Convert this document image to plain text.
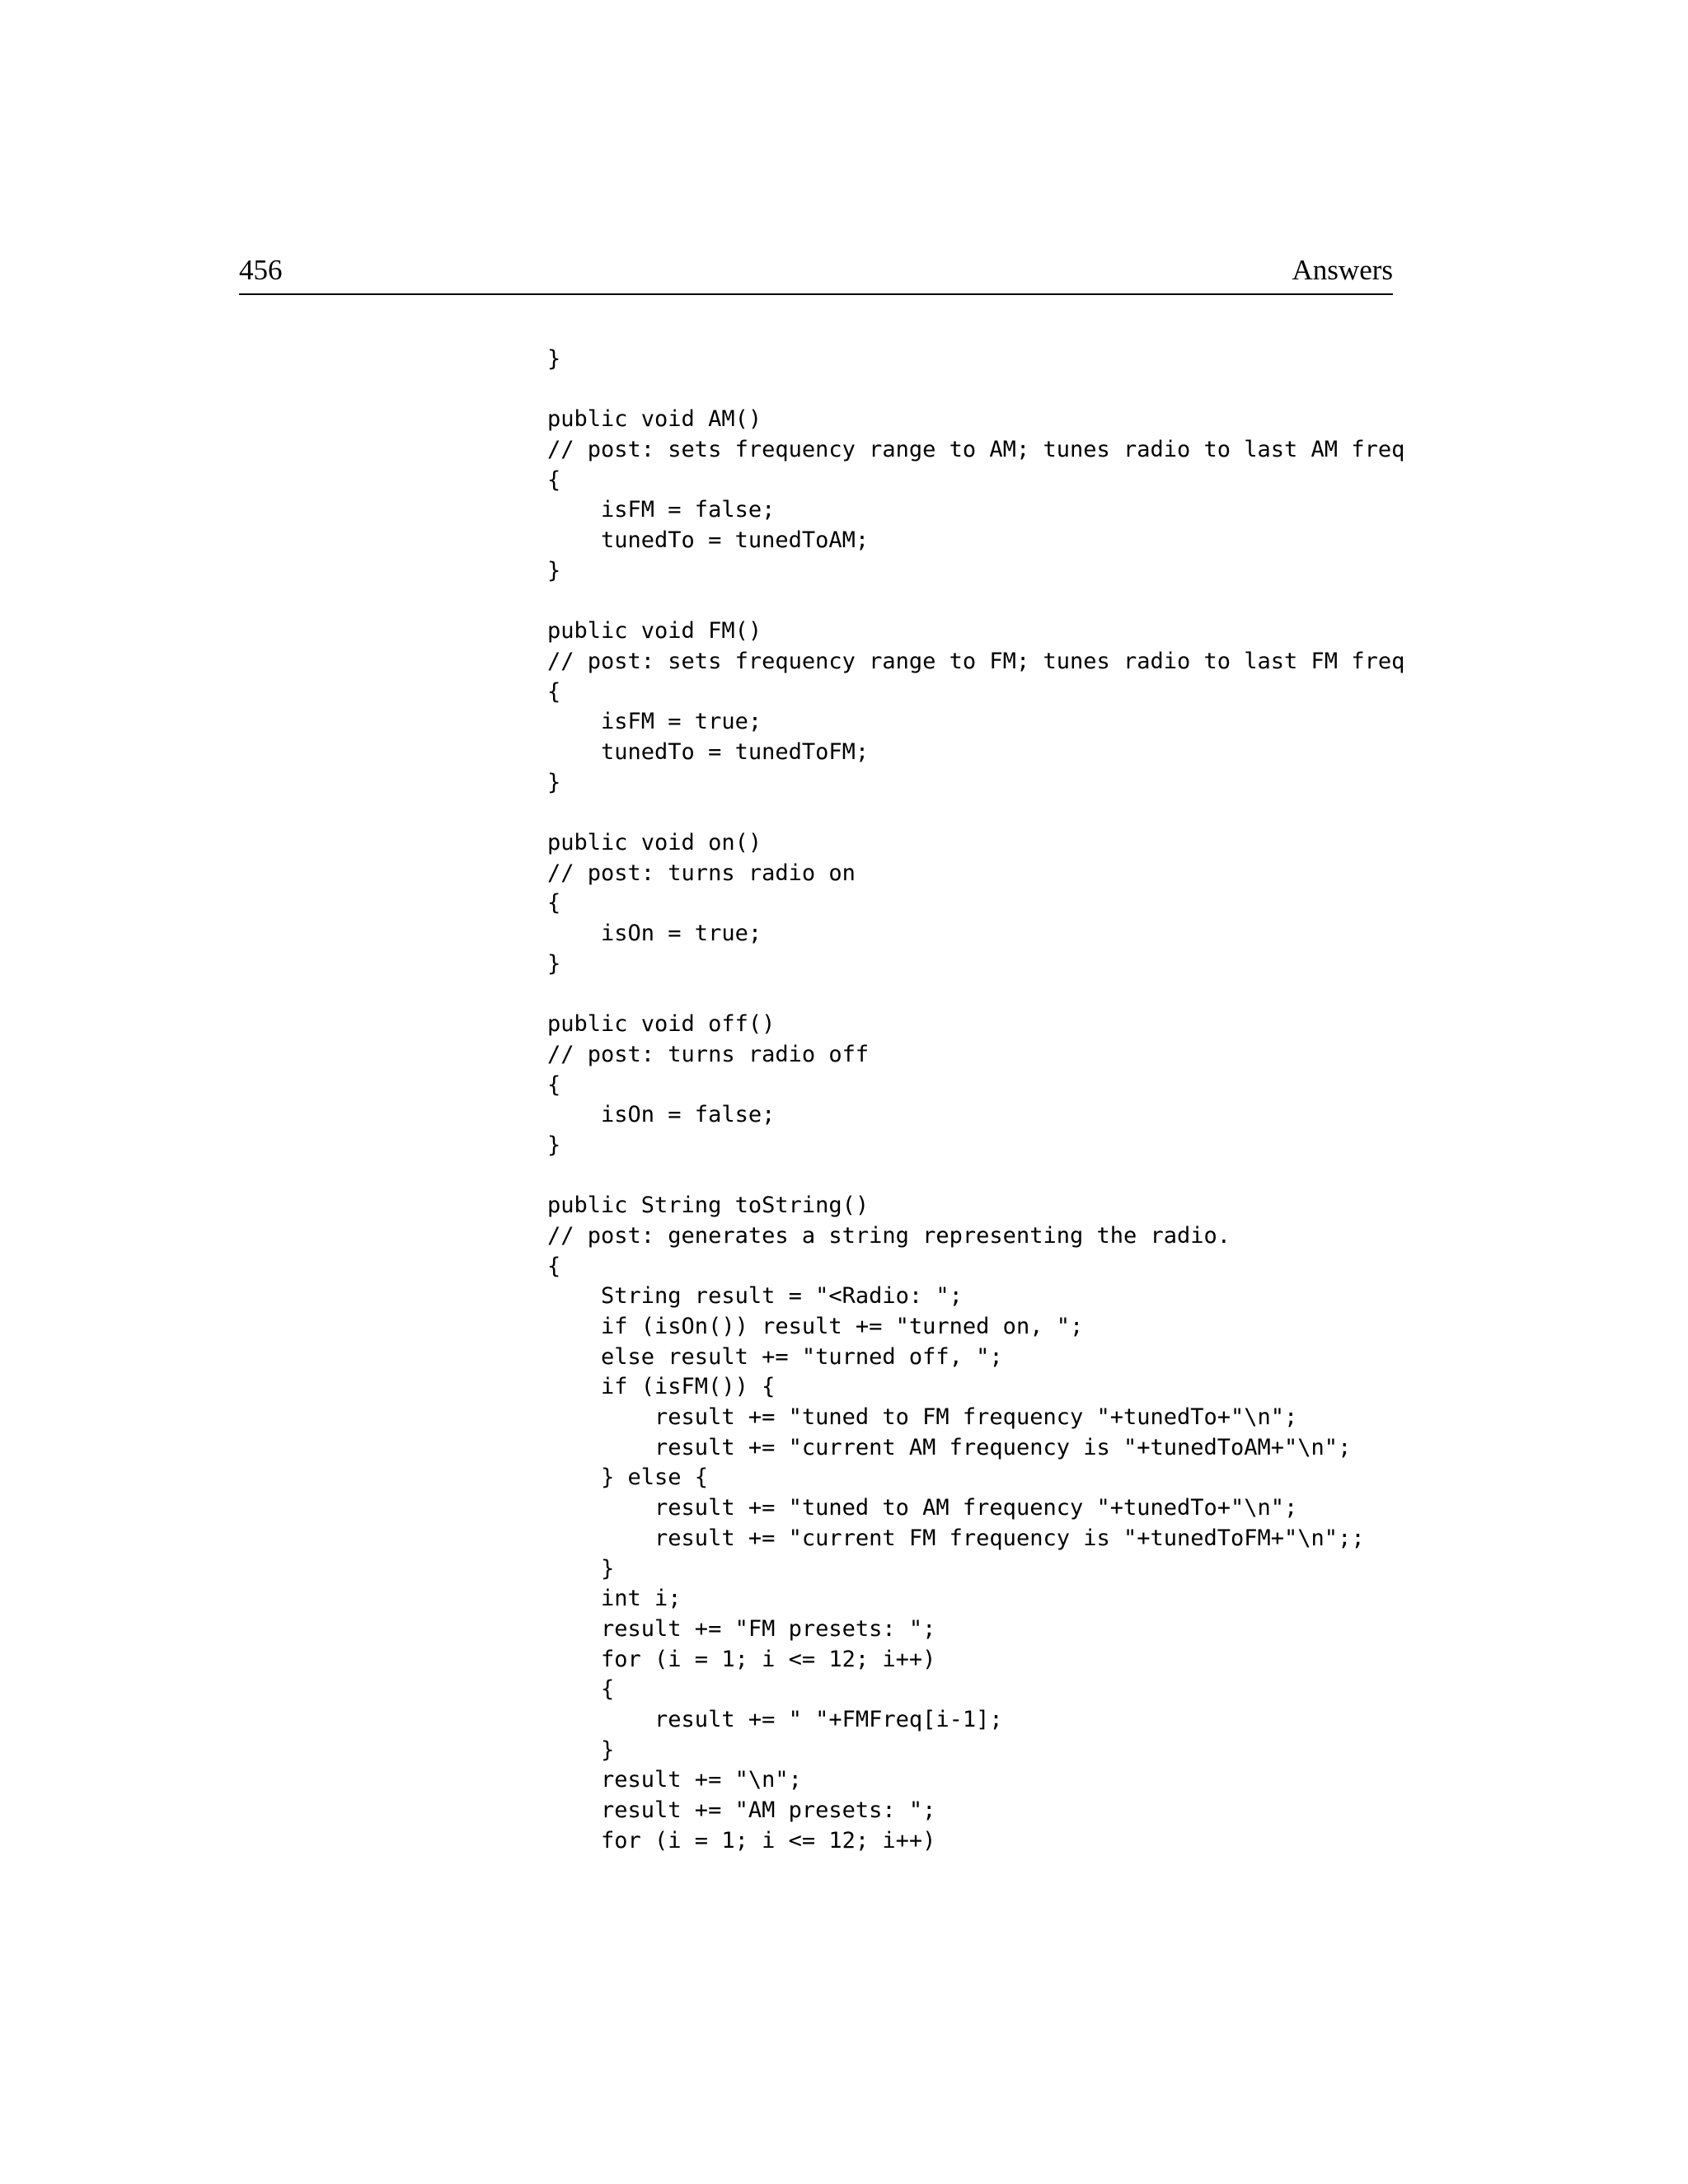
456	Answers
}
public void AM()
// post: sets frequency range to AM; tunes radio to last AM freq
{
isFM = false;
tunedTo = tunedToAM;
}
public void FM()
// post: sets frequency range to FM; tunes radio to last FM freq
{
isFM = true;
tunedTo = tunedToFM;
}
public void on()
// post: turns radio on
{
isOn = true;
}
public void off()
// post: turns radio off
{
isOn = false;
}
public String toString()
// post: generates a string representing the radio.
{
String result = "<Radio: ";
if (isOn()) result += "turned on, ";
else result += "turned off, ";
if (isFM()) {
result += "tuned to FM frequency "+tunedTo+"\n";
result += "current AM frequency is "+tunedToAM+"\n";
} else {
result += "tuned to AM frequency "+tunedTo+"\n";
result += "current FM frequency is "+tunedToFM+"\n";;
}
int i;
result += "FM presets: ";
for (i = 1; i <= 12; i++)
{
result += " "+FMFreq[i-1];
}
result += "\n";
result += "AM presets: ";
for (i = 1; i <= 12; i++)
